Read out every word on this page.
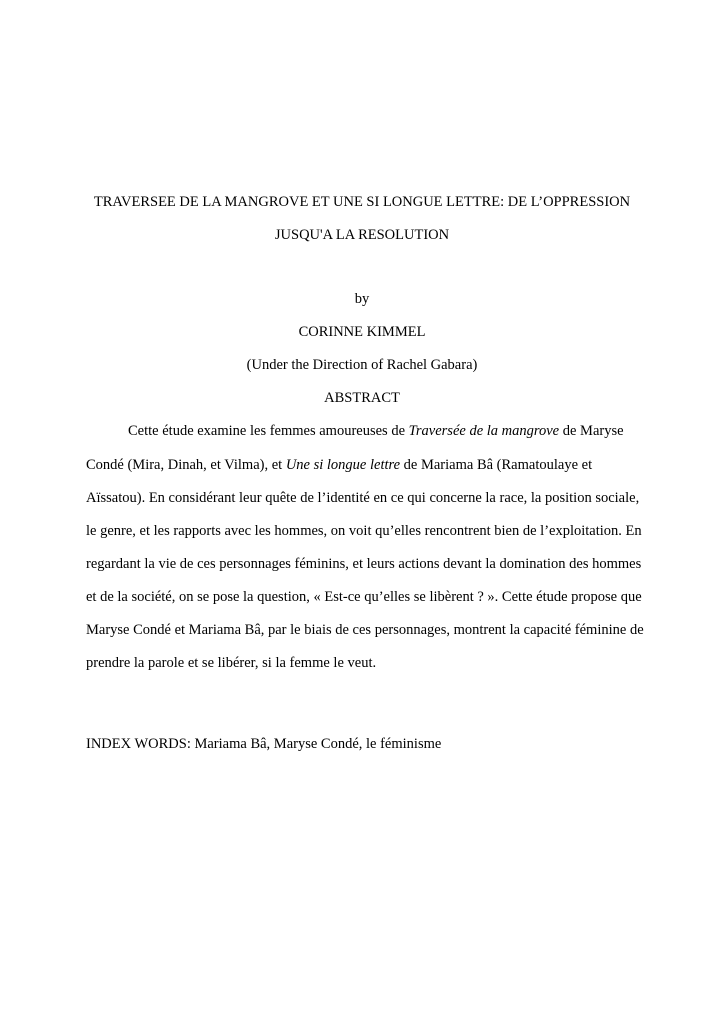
TRAVERSEE DE LA MANGROVE ET UNE SI LONGUE LETTRE: DE L’OPPRESSION
JUSQU'A LA RESOLUTION
by
CORINNE KIMMEL
(Under the Direction of Rachel Gabara)
ABSTRACT
Cette étude examine les femmes amoureuses de Traversée de la mangrove de Maryse
Condé (Mira, Dinah, et Vilma), et Une si longue lettre de Mariama Bâ (Ramatoulaye et
Aïssatou). En considérant leur quête de l’identité en ce qui concerne la race, la position sociale,
le genre, et les rapports avec les hommes, on voit qu’elles rencontrent bien de l’exploitation. En
regardant la vie de ces personnages féminins, et leurs actions devant la domination des hommes
et de la société, on se pose la question, « Est-ce qu’elles se libèrent ? ». Cette étude propose que
Maryse Condé et Mariama Bâ, par le biais de ces personnages, montrent la capacité féminine de
prendre la parole et se libérer, si la femme le veut.
INDEX WORDS: Mariama Bâ, Maryse Condé, le féminisme
